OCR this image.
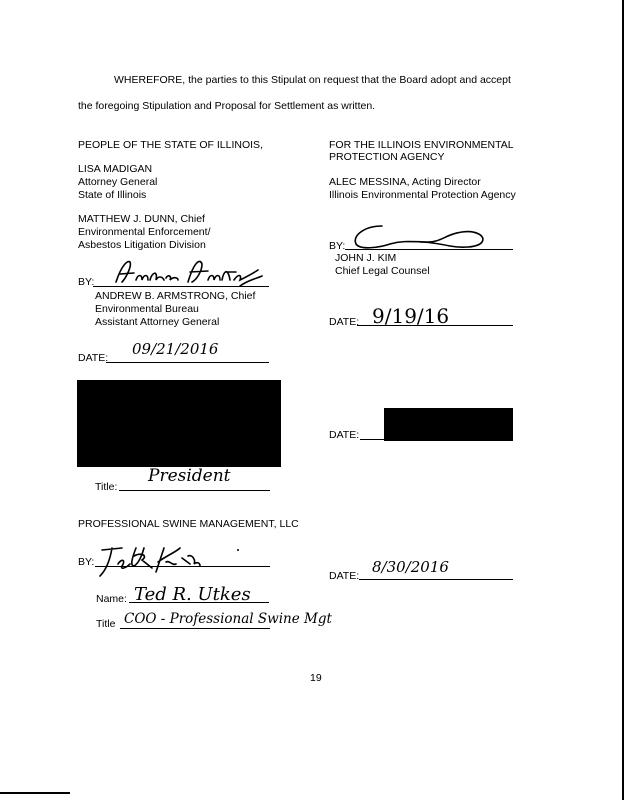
WHEREFORE, the parties to this Stipulat on request that the Board adopt and accept
the foregoing Stipulation and Proposal for Settlement as written.
PEOPLE OF THE STATE OF ILLINOIS,
LISA MADIGAN
Attorney General
State of Illinois
MATTHEW J. DUNN, Chief
Environmental Enforcement/
Asbestos Litigation Division
BY:
ANDREW B. ARMSTRONG, Chief
Environmental Bureau
Assistant Attorney General
DATE: 09/21/2016
Title:
President
FOR THE ILLINOIS ENVIRONMENTAL
PROTECTION AGENCY
ALEC MESSINA, Acting Director
Illinois Environmental Protection Agency
BY:
JOHN J. KIM
Chief Legal Counsel
DATE: 9/19/16
DATE:
PROFESSIONAL SWINE MANAGEMENT, LLC
BY:
Name: Ted R. Utkes
Title COO - Professional Swine Mgt
DATE: 8/30/2016
19
